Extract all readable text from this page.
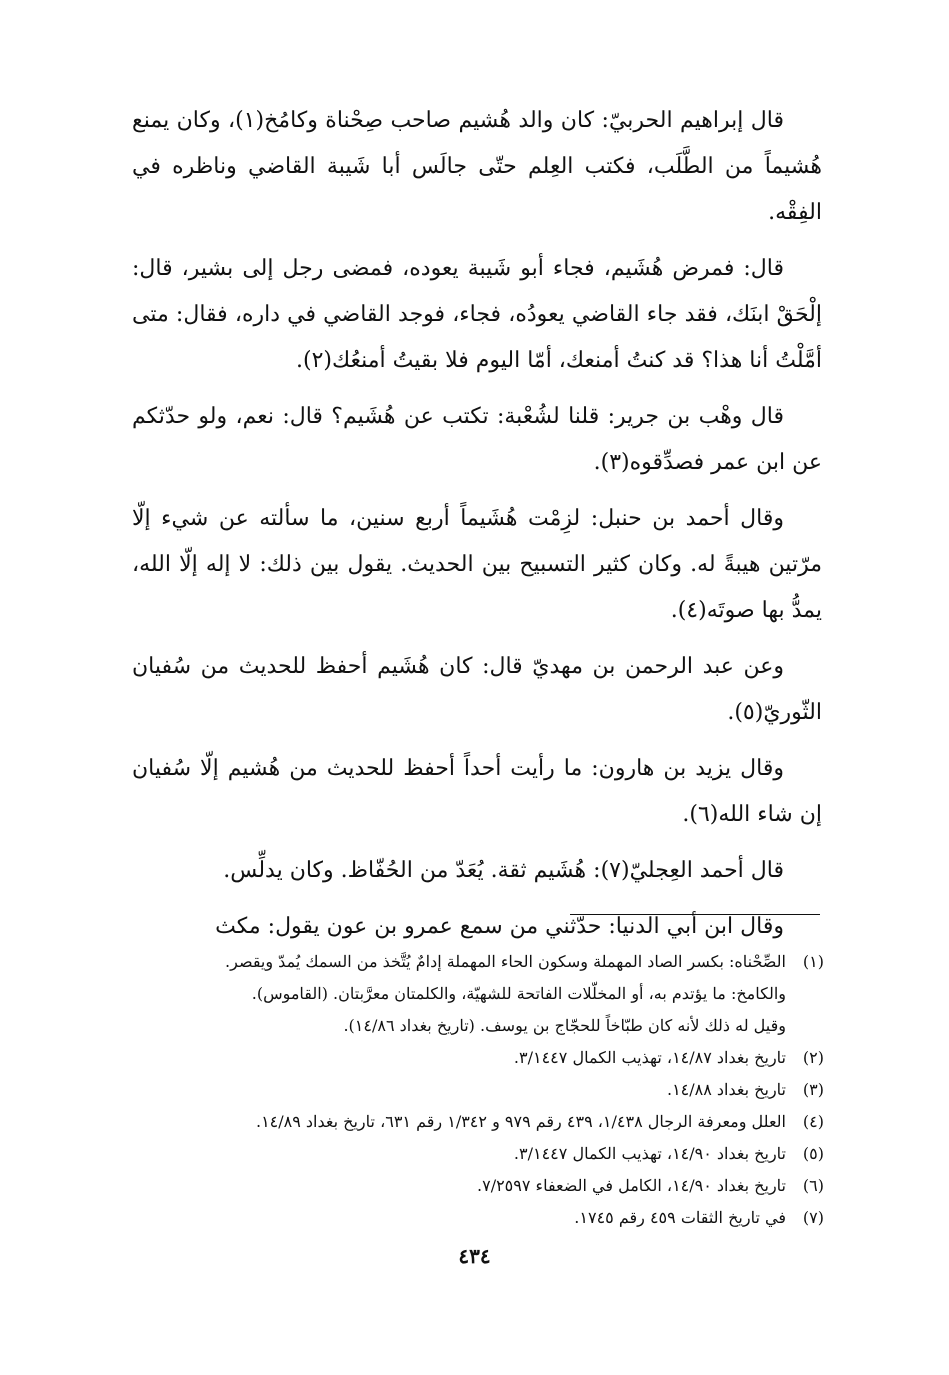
قال إبراهيم الحربيّ: كان والد هُشيم صاحب صِحْناة وكامُخ(١)، وكان يمنع هُشيماً من الطَّلَب، فكتب العِلم حتّى جالَس أبا شَيبة القاضي وناظره في الفِقْه.

قال: فمرض هُشَيم، فجاء أبو شَيبة يعوده، فمضى رجل إلى بشير، قال: إلْحَقْ ابنَك، فقد جاء القاضي يعودُه، فجاء، فوجد القاضي في داره، فقال: متى أمَّلْتُ أنا هذا؟ قد كنتُ أمنعك، أمّا اليوم فلا بقيتُ أمنعُك(٢).

قال وهْب بن جرير: قلنا لشُعْبة: تكتب عن هُشَيم؟ قال: نعم، ولو حدّثكم عن ابن عمر فصدِّقوه(٣).

وقال أحمد بن حنبل: لزِمْت هُشَيماً أربع سنين، ما سألته عن شيء إلّا مرّتين هيبةً له. وكان كثير التسبيح بين الحديث. يقول بين ذلك: لا إله إلّا الله، يمدُّ بها صوتَه(٤).

وعن عبد الرحمن بن مهديّ قال: كان هُشَيم أحفظ للحديث من سُفيان الثّوريّ(٥).

وقال يزيد بن هارون: ما رأيت أحداً أحفظ للحديث من هُشيم إلّا سُفيان إن شاء الله(٦).

قال أحمد العِجليّ(٧): هُشَيم ثقة. يُعَدّ من الحُفّاظ. وكان يدلِّس.

وقال ابن أبي الدنيا: حدّثني من سمع عمرو بن عون يقول: مكث

(١)
الصِّحْناه: بكسر الصاد المهملة وسكون الحاء المهملة إدامٌ يُتَّخذ من السمك يُمدّ ويقصر.
والكامخ: ما يؤتدم به، أو المخلّلات الفاتحة للشهيّة، والكلمتان معرَّبتان. (القاموس).
وقيل له ذلك لأنه كان طبّاخاً للحجّاج بن يوسف. (تاريخ بغداد ١٤/٨٦).
(٢)
تاريخ بغداد ١٤/٨٧، تهذيب الكمال ٣/١٤٤٧.
(٣)
تاريخ بغداد ١٤/٨٨.
(٤)
العلل ومعرفة الرجال ١/٤٣٨، ٤٣٩ رقم ٩٧٩ و ١/٣٤٢ رقم ٦٣١، تاريخ بغداد ١٤/٨٩.
(٥)
تاريخ بغداد ١٤/٩٠، تهذيب الكمال ٣/١٤٤٧.
(٦)
تاريخ بغداد ١٤/٩٠، الكامل في الضعفاء ٧/٢٥٩٧.
(٧)
في تاريخ الثقات ٤٥٩ رقم ١٧٤٥.
٤٣٤
